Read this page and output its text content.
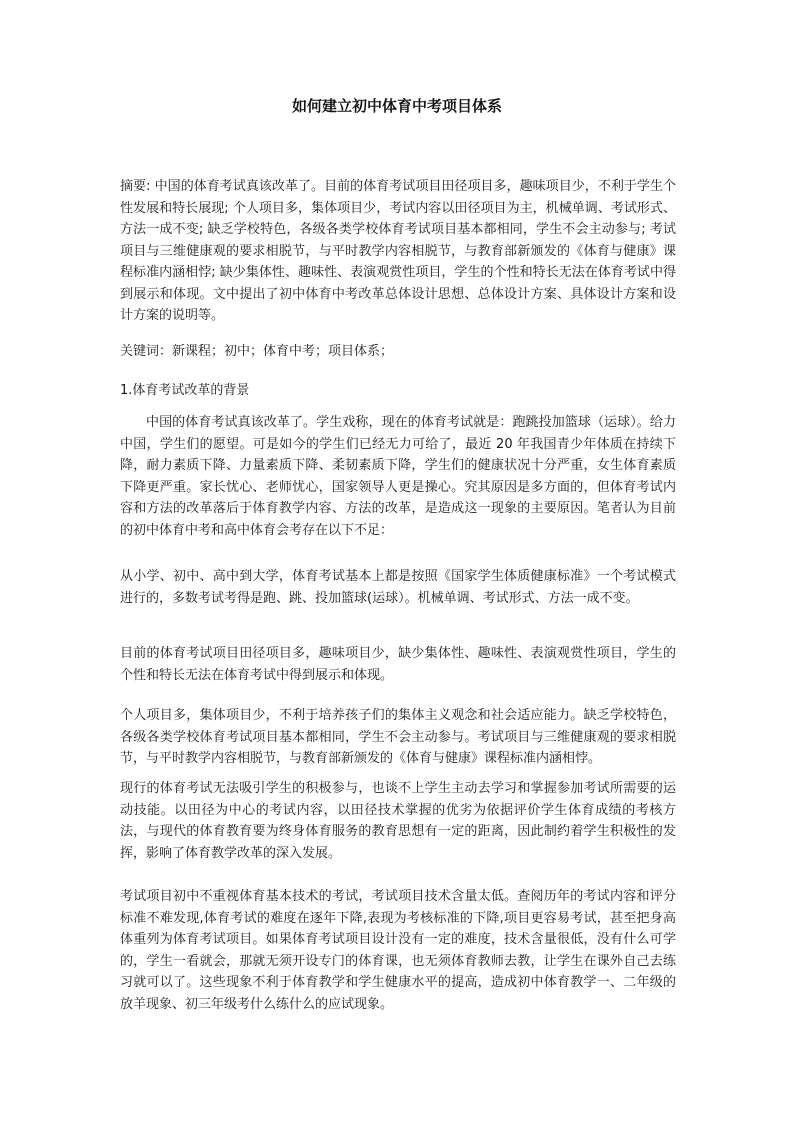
如何建立初中体育中考项目体系

摘要: 中国的体育考试真该改革了。目前的体育考试项目田径项目多，趣味项目少，不利于学生个性发展和特长展现; 个人项目多，集体项目少，考试内容以田径项目为主，机械单调、考试形式、方法一成不变; 缺乏学校特色，各级各类学校体育考试项目基本都相同，学生不会主动参与; 考试项目与三维健康观的要求相脱节，与平时教学内容相脱节，与教育部新颁发的《体育与健康》课程标准内涵相悖; 缺少集体性、趣味性、表演观赏性项目，学生的个性和特长无法在体育考试中得到展示和体现。文中提出了初中体育中考改革总体设计思想、总体设计方案、具体设计方案和设计方案的说明等。

关键词：新课程；初中；体育中考；项目体系；

1.体育考试改革的背景

中国的体育考试真该改革了。学生戏称，现在的体育考试就是：跑跳投加篮球（运球）。给力中国，学生们的愿望。可是如今的学生们已经无力可给了，最近 20 年我国青少年体质在持续下降，耐力素质下降、力量素质下降、柔韧素质下降，学生们的健康状况十分严重，女生体育素质下降更严重。家长忧心、老师忧心，国家领导人更是操心。究其原因是多方面的，但体育考试内容和方法的改革落后于体育教学内容、方法的改革，是造成这一现象的主要原因。笔者认为目前的初中体育中考和高中体育会考存在以下不足：

从小学、初中、高中到大学，体育考试基本上都是按照《国家学生体质健康标准》一个考试模式进行的，多数考试考得是跑、跳、投加篮球(运球）。机械单调、考试形式、方法一成不变。

目前的体育考试项目田径项目多，趣味项目少，缺少集体性、趣味性、表演观赏性项目，学生的个性和特长无法在体育考试中得到展示和体现。

个人项目多，集体项目少，不利于培养孩子们的集体主义观念和社会适应能力。缺乏学校特色，各级各类学校体育考试项目基本都相同，学生不会主动参与。考试项目与三维健康观的要求相脱节，与平时教学内容相脱节，与教育部新颁发的《体育与健康》课程标准内涵相悖。

现行的体育考试无法吸引学生的积极参与，也谈不上学生主动去学习和掌握参加考试所需要的运动技能。以田径为中心的考试内容，以田径技术掌握的优劣为依据评价学生体育成绩的考核方法，与现代的体育教育要为终身体育服务的教育思想有一定的距离，因此制约着学生积极性的发挥，影响了体育教学改革的深入发展。

考试项目初中不重视体育基本技术的考试，考试项目技术含量太低。查阅历年的考试内容和评分标准不难发现,体育考试的难度在逐年下降,表现为考核标准的下降,项目更容易考试，甚至把身高体重列为体育考试项目。如果体育考试项目设计没有一定的难度，技术含量很低，没有什么可学的，学生一看就会，那就无须开设专门的体育课，也无须体育教师去教，让学生在课外自己去练习就可以了。这些现象不利于体育教学和学生健康水平的提高，造成初中体育教学一、二年级的放羊现象、初三年级考什么练什么的应试现象。
